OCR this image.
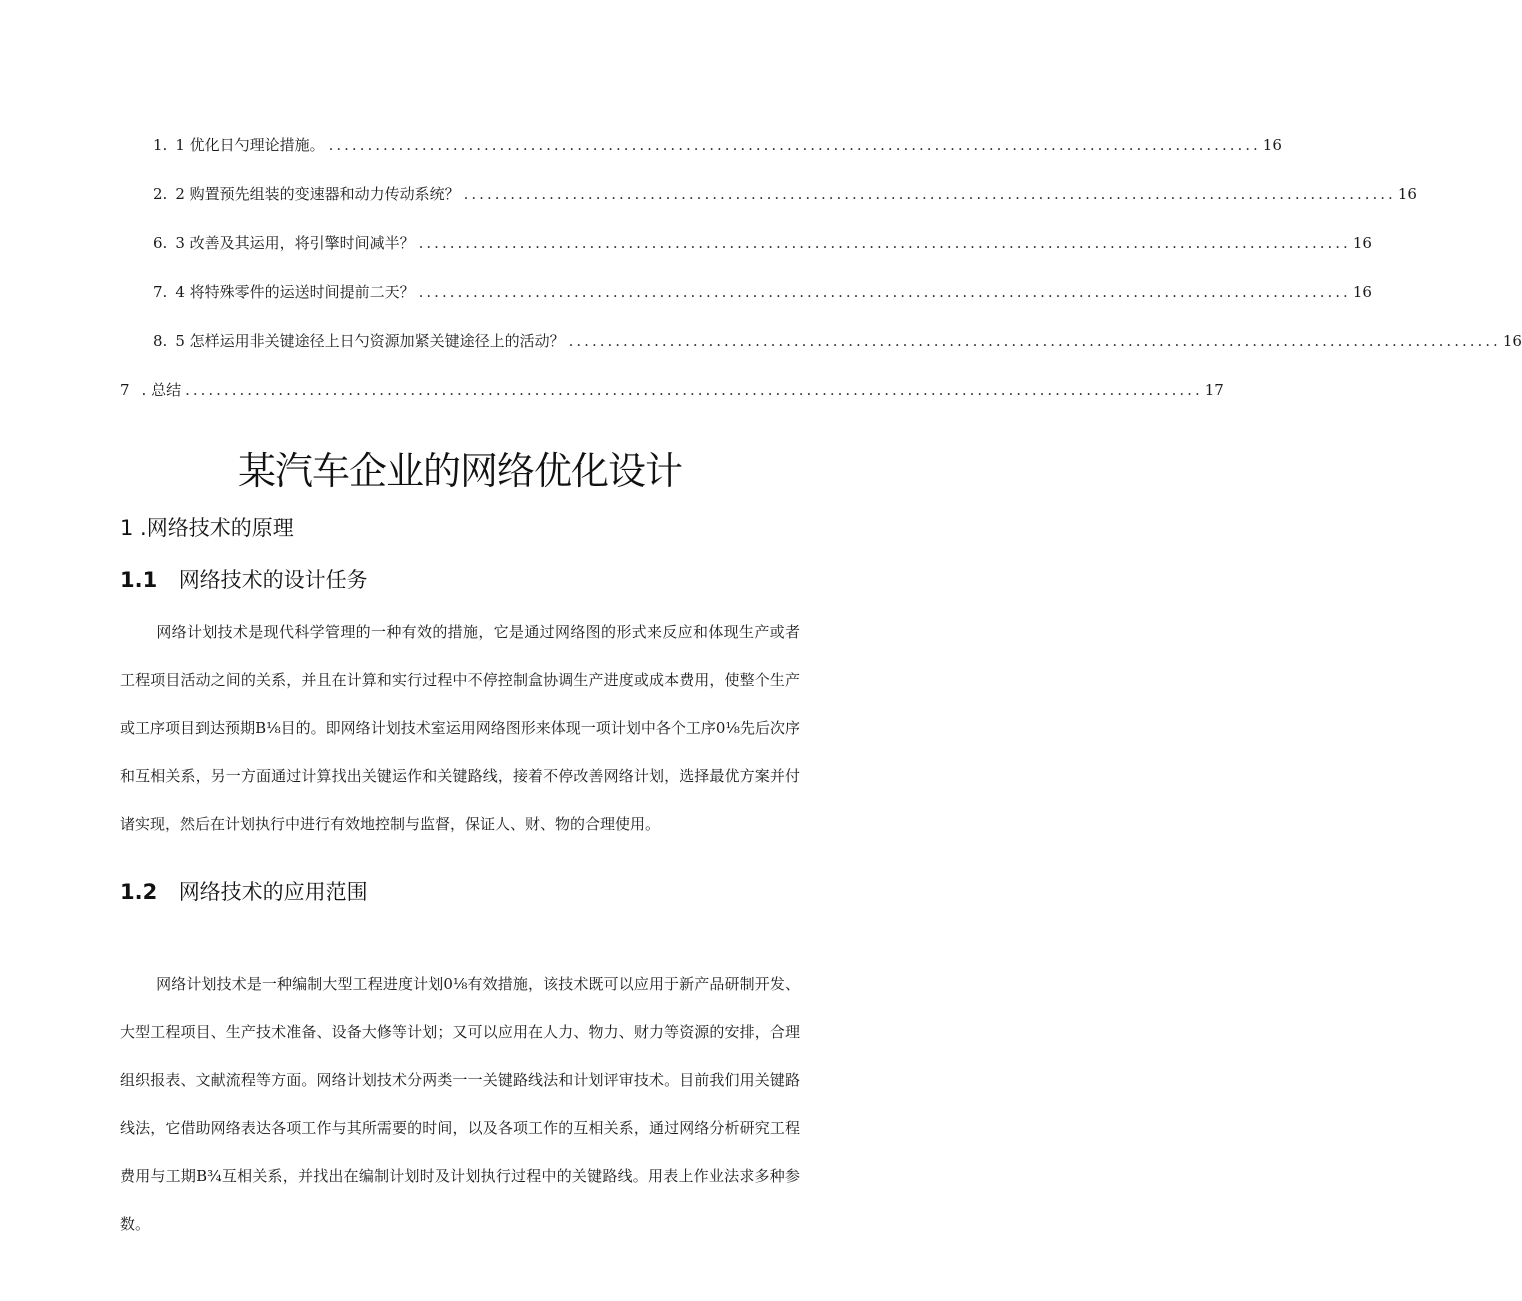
1. 1 优化日勺理论措施。 ........................................................................................................................ 16
2. 2 购置预先组装的变速器和动力传动系统？ ........................................................................................................................ 16
6. 3 改善及其运用，将引擎时间减半？ ........................................................................................................................ 16
7. 4 将特殊零件的运送时间提前二天？ ........................................................................................................................ 16
8. 5 怎样运用非关键途径上日勺资源加紧关键途径上的活动？ ........................................................................................................................ 16
7 . 总结 ................................................................................................................................... 17
某汽车企业的网络优化设计
1 .网络技术的原理
1.1 网络技术的设计任务
网络计划技术是现代科学管理的一种有效的措施，它是通过网络图的形式来反应和体现生产或者工程项目活动之间的关系，并且在计算和实行过程中不停控制盒协调生产进度或成本费用，使整个生产或工序项目到达预期B⅛目的。即网络计划技术室运用网络图形来体现一项计划中各个工序0⅛先后次序和互相关系，另一方面通过计算找出关键运作和关键路线，接着不停改善网络计划，选择最优方案并付诸实现，然后在计划执行中进行有效地控制与监督，保证人、财、物的合理使用。
1.2 网络技术的应用范围
网络计划技术是一种编制大型工程进度计划0⅛有效措施，该技术既可以应用于新产品研制开发、大型工程项目、生产技术准备、设备大修等计划；又可以应用在人力、物力、财力等资源的安排，合理组织报表、文献流程等方面。网络计划技术分两类一一关键路线法和计划评审技术。目前我们用关键路线法，它借助网络表达各项工作与其所需要的时间，以及各项工作的互相关系，通过网络分析研究工程费用与工期B¾互相关系，并找出在编制计划时及计划执行过程中的关键路线。用表上作业法求多种参数。
